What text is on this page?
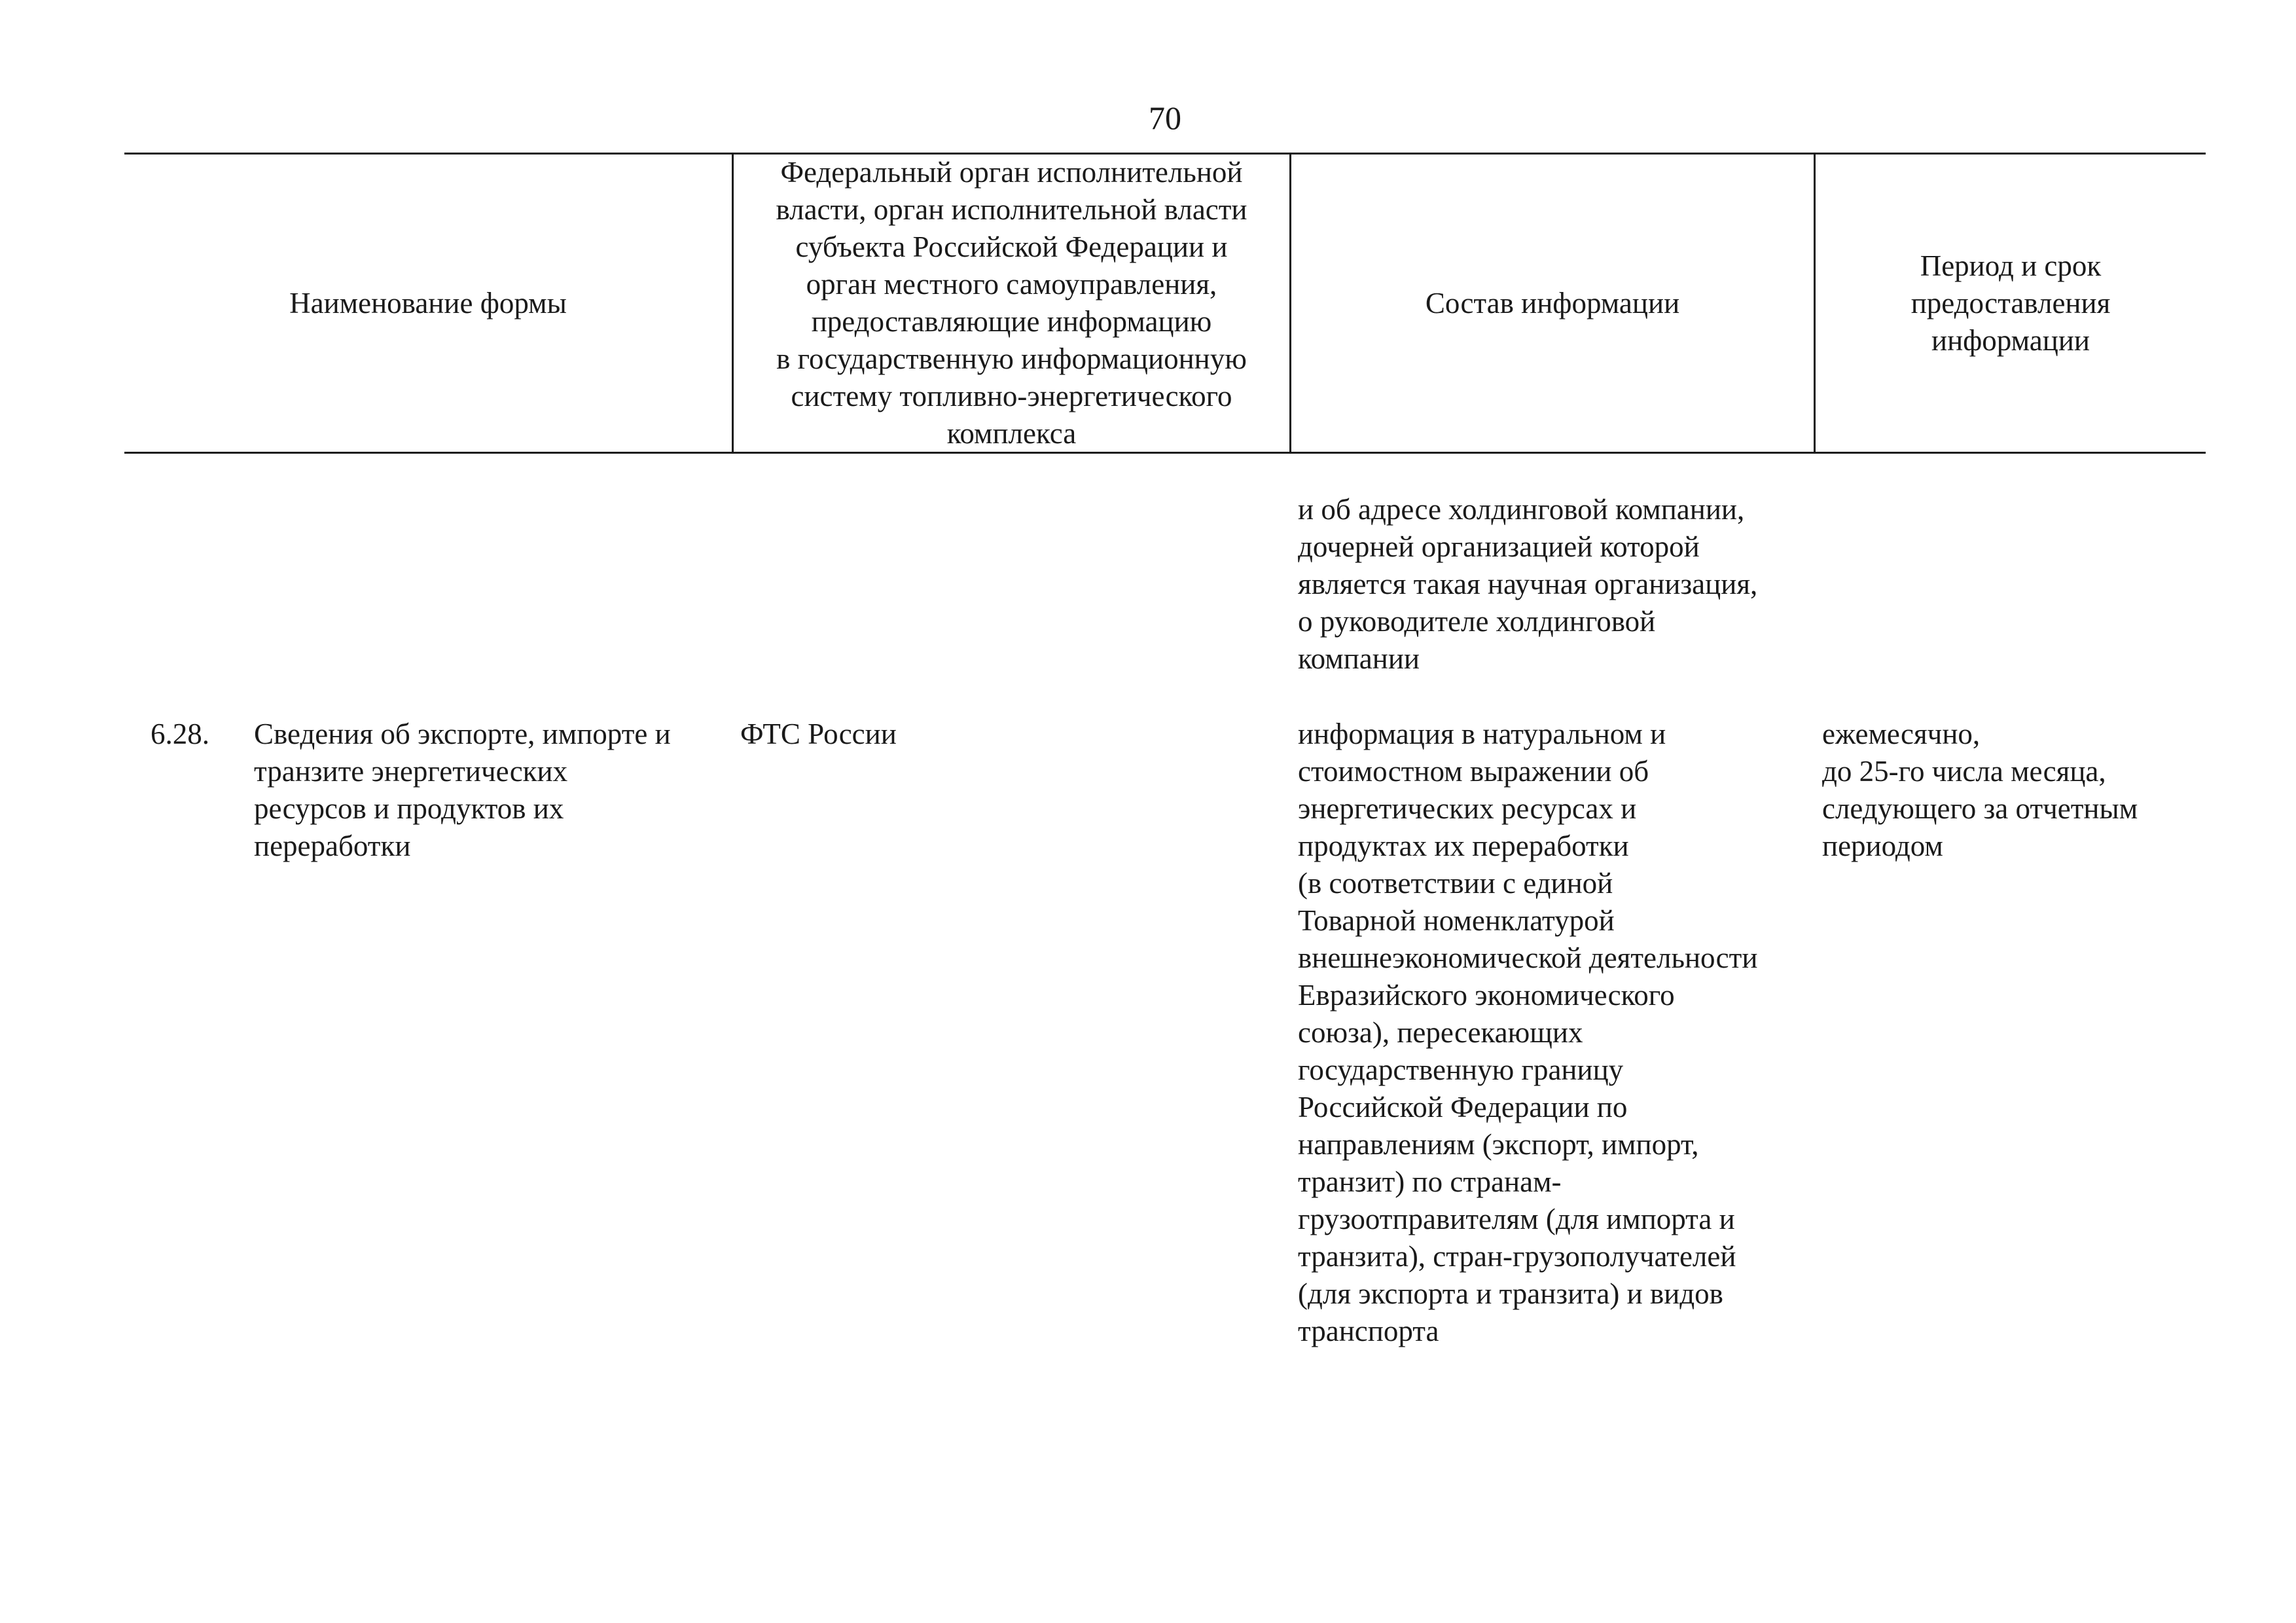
70
Наименование формы
Федеральный орган исполнительной
власти, орган исполнительной власти
субъекта Российской Федерации и
орган местного самоуправления,
предоставляющие информацию
в государственную информационную
систему топливно-энергетического
комплекса
Состав информации
Период и срок
предоставления
информации
и об адресе холдинговой компании,
дочерней организацией которой
является такая научная организация,
о руководителе холдинговой
компании
6.28. Сведения об экспорте, импорте и
транзите энергетических
ресурсов и продуктов их
переработки
ФТС России	информация в натуральном и
стоимостном выражении об
энергетических ресурсах и
продуктах их переработки
(в соответствии с единой
Товарной номенклатурой
внешнеэкономической деятельности
Евразийского экономического
союза), пересекающих
государственную границу
Российской Федерации по
направлениям (экспорт, импорт,
транзит) по странам-
грузоотправителям (для импорта и
транзита), стран-грузополучателей
(для экспорта и транзита) и видов
транспорта
ежемесячно,
до 25-го числа месяца,
следующего за отчетным
периодом
